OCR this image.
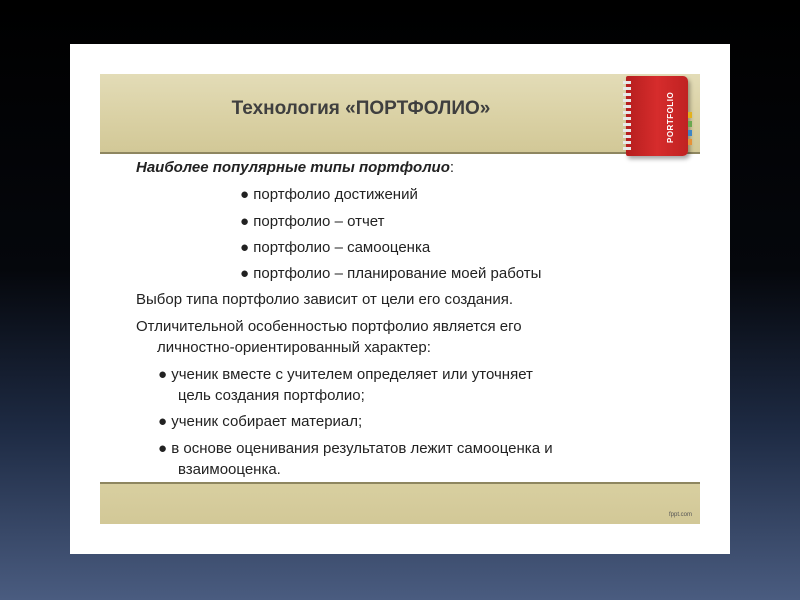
Технология «ПОРТФОЛИО»	PORTFOLIO
Наиболее популярные типы портфолио:
● портфолио достижений
● портфолио – отчет
● портфолио – самооценка
● портфолио – планирование моей работы
Выбор типа портфолио зависит от цели его создания.
Отличительной особенностью портфолио является его
личностно-ориентированный характер:
● ученик вместе с учителем определяет или уточняет
цель создания портфолио;
● ученик собирает материал;
● в основе оценивания результатов лежит самооценка и
взаимооценка.
fppt.com
